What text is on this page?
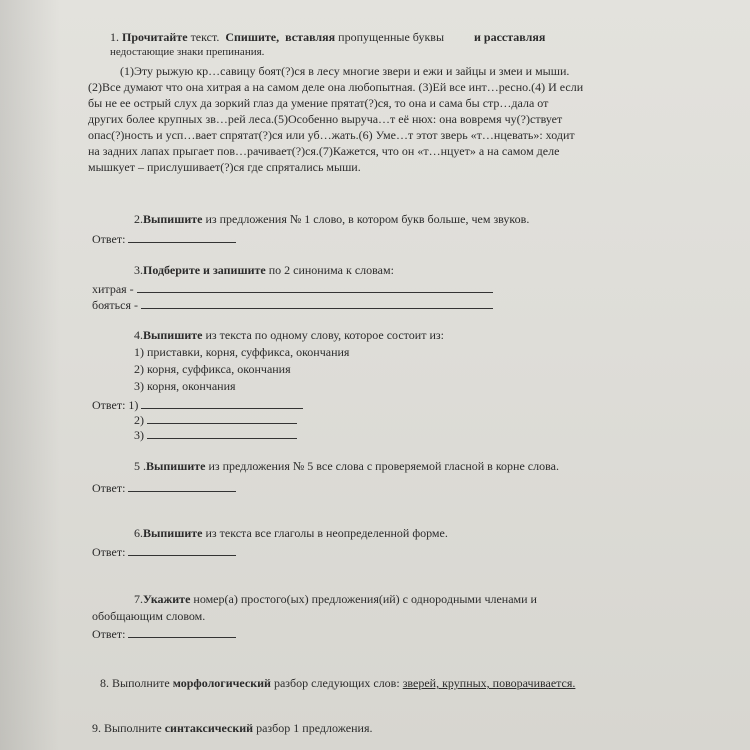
1. Прочитайте текст. Спишите, вставляя пропущенные буквы	и расставляя
недостающие знаки препинания.
(1)Эту рыжую кр…савицу боят(?)ся в лесу многие звери и ежи и зайцы и змеи и мыши.
(2)Все думают что она хитрая а на самом деле она любопытная. (3)Ей все инт…ресно.(4) И если
бы не ее острый слух да зоркий глаз да умение прятат(?)ся, то она и сама бы стр…дала от
других более крупных зв…рей леса.(5)Особенно выруча…т её нюх: она вовремя чу(?)ствует
опас(?)ность и усп…вает спрятат(?)ся или уб…жать.(6) Уме…т этот зверь «т…нцевать»: ходит
на задних лапах прыгает пов…рачивает(?)ся.(7)Кажется, что он «т…нцует» а на самом деле
мышкует – прислушивает(?)ся где спрятались мыши.
2.Выпишите из предложения № 1 слово, в котором букв больше, чем звуков.
Ответ:
3.Подберите и запишите по 2 синонима к словам:
хитрая -
бояться -
4.Выпишите из текста по одному слову, которое состоит из:
1) приставки, корня, суффикса, окончания
2) корня, суффикса, окончания
3) корня, окончания
Ответ: 1)
2)
3)
5 .Выпишите из предложения № 5 все слова с проверяемой гласной в корне слова.
Ответ:
6.Выпишите из текста все глаголы в неопределенной форме.
Ответ:
7.Укажите номер(а) простого(ых) предложения(ий) с однородными членами и
обобщающим словом.
Ответ:
8. Выполните морфологический разбор следующих слов: зверей, крупных, поворачивается.
9. Выполните синтаксический разбор 1 предложения.
